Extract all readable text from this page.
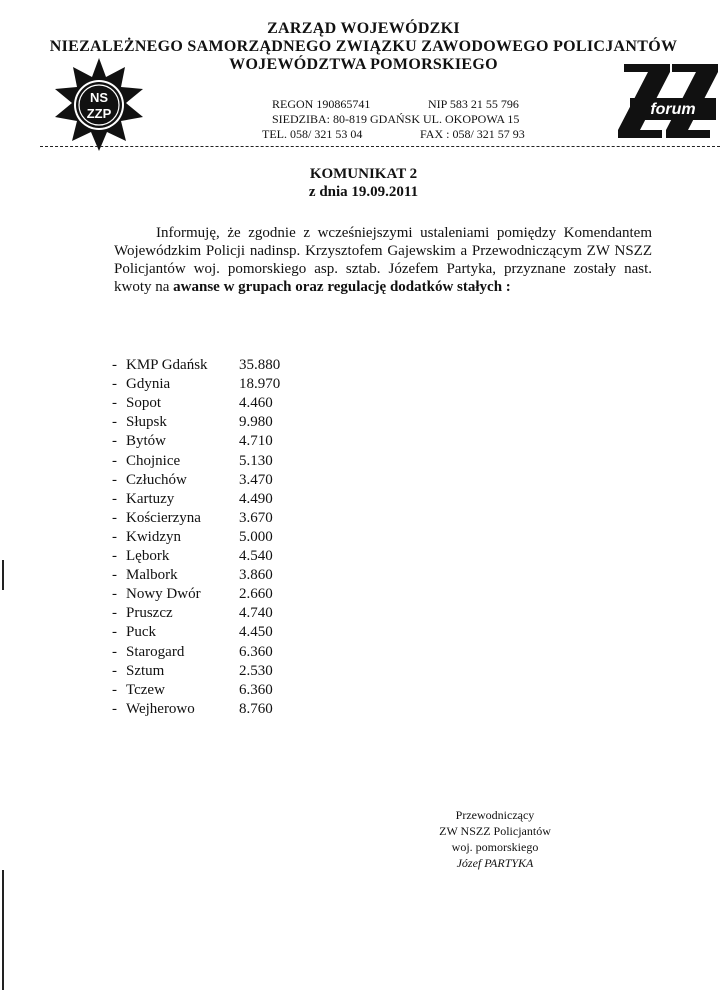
NS
ZZP	forum
ZARZĄD WOJEWÓDZKI
NIEZALEŻNEGO SAMORZĄDNEGO ZWIĄZKU ZAWODOWEGO POLICJANTÓW
WOJEWÓDZTWA POMORSKIEGO
REGON 190865741	NIP 583 21 55 796
SIEDZIBA: 80-819 GDAŃSK UL. OKOPOWA 15
TEL. 058/ 321 53 04	FAX : 058/ 321 57 93
KOMUNIKAT 2
z dnia 19.09.2011
Informuję, że zgodnie z wcześniejszymi ustaleniami pomiędzy Komendantem Wojewódzkim Policji nadinsp. Krzysztofem Gajewskim a Przewodniczącym ZW NSZZ Policjantów woj. pomorskiego asp. sztab. Józefem Partyka, przyznane zostały nast. kwoty na awanse w grupach oraz regulację dodatków stałych :
- KMP Gdańsk 35.880
- Gdynia	18.970
- Sopot	4.460
- Słupsk	9.980
- Bytów	4.710
- Chojnice	5.130
- Człuchów	3.470
- Kartuzy	4.490
- Kościerzyna	3.670
- Kwidzyn	5.000
- Lębork	4.540
- Malbork	3.860
- Nowy Dwór	2.660
- Pruszcz	4.740
- Puck	4.450
- Starogard	6.360
- Sztum	2.530
- Tczew	6.360
- Wejherowo	8.760
Przewodniczący
ZW NSZZ Policjantów
woj. pomorskiego
Józef PARTYKA
